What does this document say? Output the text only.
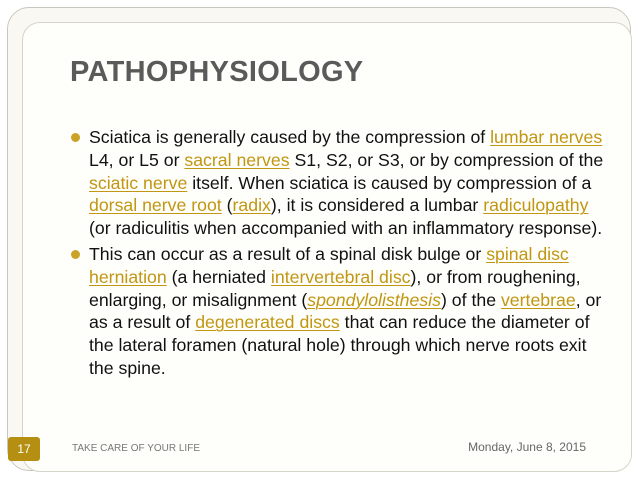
PATHOPHYSIOLOGY
Sciatica is generally caused by the compression of lumbar nerves L4, or L5 or sacral nerves S1, S2, or S3, or by compression of the sciatic nerve itself. When sciatica is caused by compression of a dorsal nerve root (radix), it is considered a lumbar radiculopathy (or radiculitis when accompanied with an inflammatory response).
This can occur as a result of a spinal disk bulge or spinal disc herniation (a herniated intervertebral disc), or from roughening, enlarging, or misalignment (spondylolisthesis) of the vertebrae, or as a result of degenerated discs that can reduce the diameter of the lateral foramen (natural hole) through which nerve roots exit the spine.
TAKE CARE OF YOUR LIFE	Monday, June 8, 2015
17
